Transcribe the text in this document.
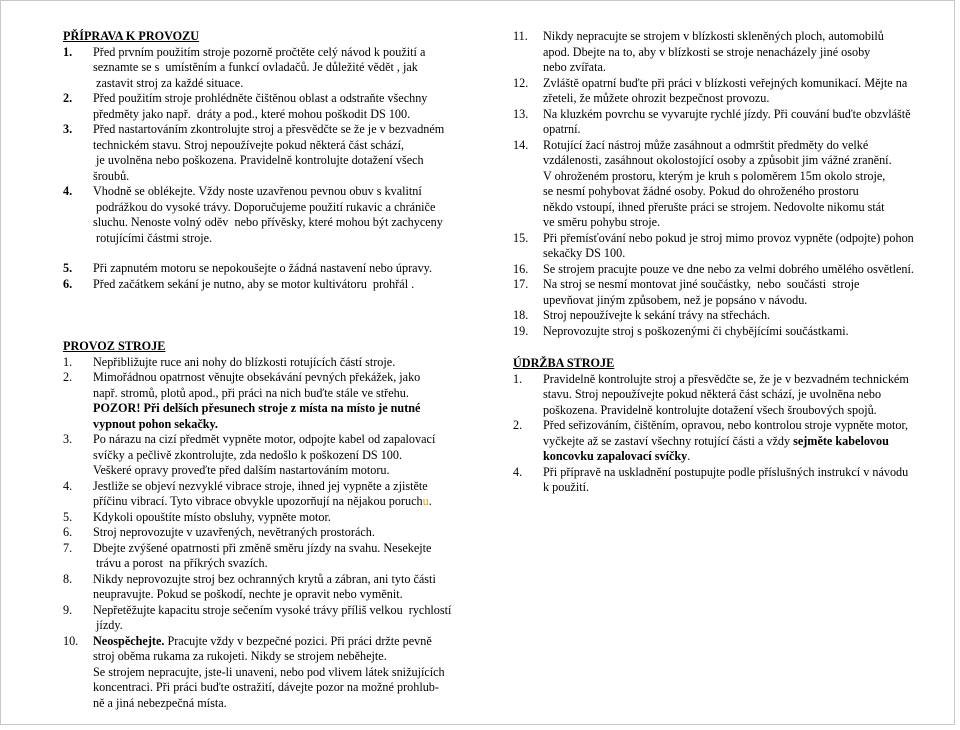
PŘÍPRAVA K PROVOZU
1.	Před prvním použitím stroje pozorně pročtěte celý návod k použití a
seznamte se s  umístěním a funkcí ovladačů. Je důležité vědět , jak
zastavit stroj za každé situace.
2.	Před použitím stroje prohlédněte čištěnou oblast a odstraňte všechny
předměty jako např.  dráty a pod., které mohou poškodit DS 100.
3.	Před nastartováním zkontrolujte stroj a přesvědčte se že je v bezvadném
technickém stavu. Stroj nepoužívejte pokud některá část schází,
je uvolněna nebo poškozena. Pravidelně kontrolujte dotažení všech
šroubů.
4.	Vhodně se oblékejte. Vždy noste uzavřenou pevnou obuv s kvalitní
podrážkou do vysoké trávy. Doporučujeme použití rukavic a chrániče
sluchu. Nenoste volný oděv  nebo přívěsky, které mohou být zachyceny
rotujícími částmi stroje.
5.	Při zapnutém motoru se nepokoušejte o žádná nastavení nebo úpravy.
6.	Před začátkem sekání je nutno, aby se motor kultivátoru  prohřál .
PROVOZ STROJE
1.	Nepřibližujte ruce ani nohy do blízkosti rotujících částí stroje.
2.	Mimořádnou opatrnost věnujte obsekávání pevných překážek, jako
např. stromů, plotů apod., při práci na nich buďte stále ve střehu.
POZOR! Při delších přesunech stroje z místa na místo je nutné
vypnout pohon sekačky.
3.	Po nárazu na cizí předmět vypněte motor, odpojte kabel od zapalovací
svíčky a pečlivě zkontrolujte, zda nedošlo k poškození DS 100.
Veškeré opravy proveďte před dalším nastartováním motoru.
4.	Jestliže se objeví nezvyklé vibrace stroje, ihned jej vypněte a zjistěte
příčinu vibrací. Tyto vibrace obvykle upozorňují na nějakou poruchu.
5.	Kdykoli opouštíte místo obsluhy, vypněte motor.
6.	Stroj neprovozujte v uzavřených, nevětraných prostorách.
7.	Dbejte zvýšené opatrnosti při změně směru jízdy na svahu. Nesekejte
trávu a porost  na příkrých svazích.
8.	Nikdy neprovozujte stroj bez ochranných krytů a zábran, ani tyto části
neupravujte. Pokud se poškodí, nechte je opravit nebo vyměnit.
9.	Nepřetěžujte kapacitu stroje sečením vysoké trávy příliš velkou  rychlostí
jízdy.
10.	Neospěchejte. Pracujte vždy v bezpečné pozici. Při práci držte pevně
stroj oběma rukama za rukojeti. Nikdy se strojem neběhejte.
Se strojem nepracujte, jste-li unaveni, nebo pod vlivem látek snižujících
koncentraci. Při práci buďte ostražití, dávejte pozor na možné prohlub-
ně a jiná nebezpečná místa.
11.	Nikdy nepracujte se strojem v blízkosti skleněných ploch, automobilů
apod. Dbejte na to, aby v blízkosti se stroje nenacházely jiné osoby
nebo zvířata.
12.	Zvláště opatrní buďte při práci v blízkosti veřejných komunikací. Mějte na
zřeteli, že můžete ohrozit bezpečnost provozu.
13.	Na kluzkém povrchu se vyvarujte rychlé jízdy. Při couvání buďte obzvláště
opatrní.
14.	Rotující žací nástroj může zasáhnout a odmrštit předměty do velké
vzdálenosti, zasáhnout okolostojící osoby a způsobit jim vážné zranění.
V ohroženém prostoru, kterým je kruh s poloměrem 15m okolo stroje,
se nesmí pohybovat žádné osoby. Pokud do ohroženého prostoru
někdo vstoupí, ihned přerušte práci se strojem. Nedovolte nikomu stát
ve směru pohybu stroje.
15.	Při přemísťování nebo pokud je stroj mimo provoz vypněte (odpojte) pohon
sekačky DS 100.
16.	Se strojem pracujte pouze ve dne nebo za velmi dobrého umělého osvětlení.
17.	Na stroj se nesmí montovat jiné součástky,  nebo  součásti  stroje
upevňovat jiným způsobem, než je popsáno v návodu.
18.	Stroj nepoužívejte k sekání trávy na střechách.
19.	Neprovozujte stroj s poškozenými či chybějícími součástkami.
ÚDRŽBA STROJE
1.	Pravidelně kontrolujte stroj a přesvědčte se, že je v bezvadném technickém
stavu. Stroj nepoužívejte pokud některá část schází, je uvolněna nebo
poškozena. Pravidelně kontrolujte dotažení všech šroubových spojů.
2.	Před seřizováním, čištěním, opravou, nebo kontrolou stroje vypněte motor,
vyčkejte až se zastaví všechny rotující části a vždy sejměte kabelovou
koncovku zapalovací svíčky.
4.	Při přípravě na uskladnění postupujte podle příslušných instrukcí v návodu
k použití.
